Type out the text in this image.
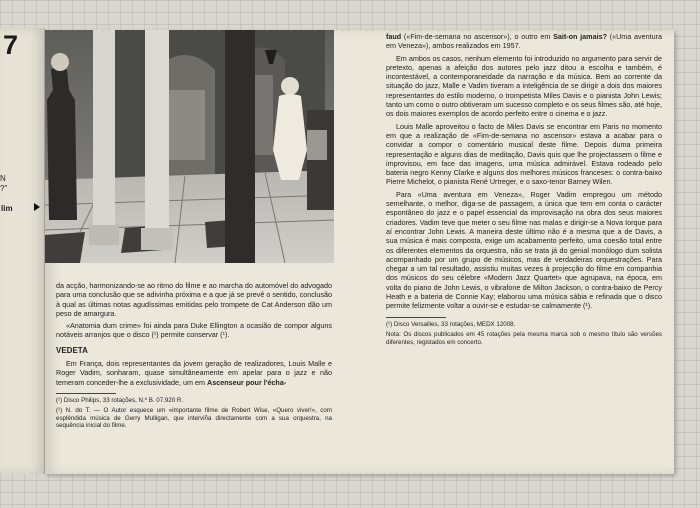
7
N
?"
lim

da acção, harmonizando-se ao ritmo do filme e ao marcha do automóvel do advogado para uma conclusão que se adivinha próxima e a que já se prevê o sentido, conclusão à qual as últimas notas agudíssimas emitidas pelo trompete de Cat Anderson dão um peso de amargura.

«Anatomia dum crime» foi ainda para Duke Ellington a ocasião de compor alguns notáveis arranjos que o disco (¹) permite conservar (¹).

VEDETA

Em França, dois representantes da jovem geração de realizadores, Louis Malle e Roger Vadim, sonharam, quase simultâneamente em apelar para o jazz e não temeram conceder-lhe a exclusividade, um em Ascenseur pour l'écha-

(¹) Disco Philips, 33 rotações, N.º B. 07.920 R.

(¹) N. do T. — O Autor esquece um «importante filme de Robert Wise, «Quero viver!», com esplêndida música de Gerry Mulligan, que interviña directamente com a sua orquestra, na sequência inicial do filme.

faud («Fim-de-semana no ascensor»), o outro em Sait-on jamais? («Uma aventura em Veneza»), ambos realizados em 1957.

Em ambos os casos, nenhum elemento foi introduzido no argumento para servir de pretexto, apenas a afeição dos autores pelo jazz ditou a escolha e também, é incontestável, a contemporaneidade da narração e da música. Bem ao corrente da situação do jazz, Malle e Vadim tiveram a inteligência de se dirigir a dois dos maiores representantes do estilo moderno, o trompetista Miles Davis e o pianista John Lewis; tanto um como o outro obtiveram um sucesso completo e os seus filmes são, até hoje, os dois maiores exemplos de acordo perfeito entre o cinema e o jazz.

Louis Malle aproveitou o facto de Miles Davis se encontrar em Paris no momento em que a realização de «Fim-de-semana no ascensor» estava a acabar para o convidar a compor o comentário musical deste filme. Depois duma primeira representação e alguns dias de meditação, Davis quis que lhe projectassem o filme e improvisou, em face das imagens, uma música admirável. Estava rodeado pelo bateria negro Kenny Clarke e alguns dos melhores músicos franceses: o contra-baixo Pierre Michelot, o pianista René Urtreger, e o saxo-tenor Barney Wilen.

Para «Uma aventura em Veneza», Roger Vadim empregou um método semelhante, o melhor, diga-se de passagem, a única que tem em conta o carácter espontâneo do jazz e o papel essencial da improvisação na obra dos seus maiores criadores. Vadim teve que meter o seu filme nas malas e dirigir-se a Nova Iorque para aí encontrar John Lewis. A maneira deste último não é a mesma que a de Davis, a sua música é mais composta, exige um acabamento perfeito, uma coesão total entre os diferentes elementos da orquestra, não se trata já do genial monólogo dum solista acompanhado por um grupo de músicos, mas de verdadeiras orquestrações. Para chegar a um tal resultado, assistiu muitas vezes à projecção do filme em companhia dos músicos do seu célebre «Modern Jazz Quartet» que agrupava, na época, em volta do piano de John Lewis, o vibrafone de Milton Jackson, o contra-baixo de Percy Heath e a bateria de Connie Kay; elaborou uma música sábia e refinada que o disco permite felizmente voltar a ouvir-se e estudar-se calmamente (¹).

(¹) Disco Versailles, 33 rotações, MEDX 12008.

Nota: Os discos publicados em 45 rotações pela mesma marca sob o mesmo título são versões diferentes, registados em concerto.
